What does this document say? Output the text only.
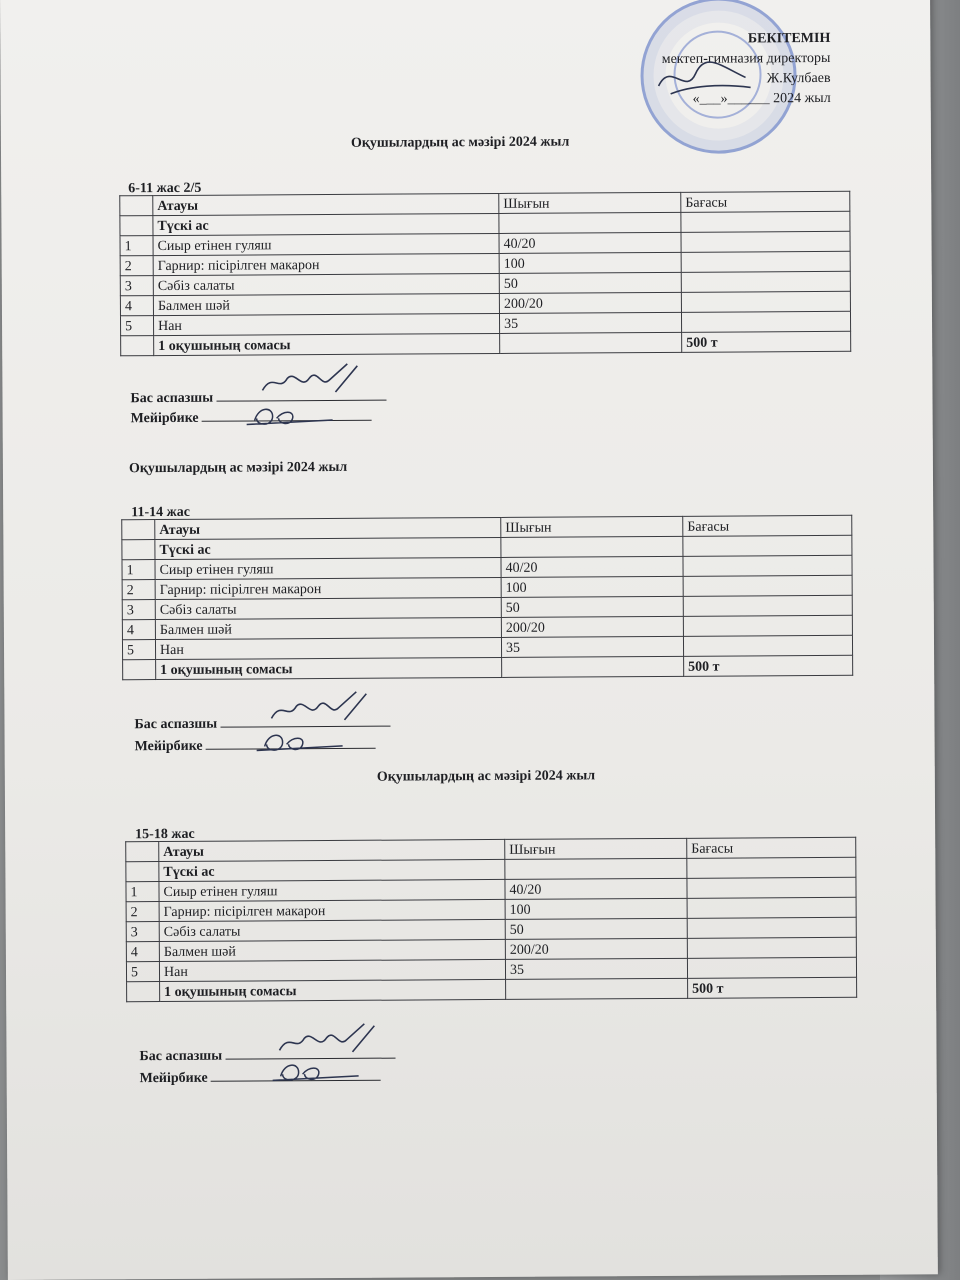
БЕКІТЕМІН
мектеп-гимназия директоры
Ж.Кулбаев
«___»______ 2024 жыл
Оқушылардың ас мәзірі 2024 жыл
6-11 жас 2/5
	Атауы	Шығын	Бағасы
	Түскі ас		
1	Сиыр етінен гуляш	40/20	
2	Гарнир: пісірілген макарон	100	
3	Сәбіз салаты	50	
4	Балмен шәй	200/20	
5	Нан	35	
	1 оқушының сомасы		500 т
Бас аспазшы
Мейірбике
Оқушылардың ас мәзірі 2024 жыл
11-14 жас
	Атауы	Шығын	Бағасы
	Түскі ас		
1	Сиыр етінен гуляш	40/20	
2	Гарнир: пісірілген макарон	100	
3	Сәбіз салаты	50	
4	Балмен шәй	200/20	
5	Нан	35	
	1 оқушының сомасы		500 т
Бас аспазшы
Мейірбике
Оқушылардың ас мәзірі 2024 жыл
15-18 жас
	Атауы	Шығын	Бағасы
	Түскі ас		
1	Сиыр етінен гуляш	40/20	
2	Гарнир: пісірілген макарон	100	
3	Сәбіз салаты	50	
4	Балмен шәй	200/20	
5	Нан	35	
	1 оқушының сомасы		500 т
Бас аспазшы
Мейірбике
